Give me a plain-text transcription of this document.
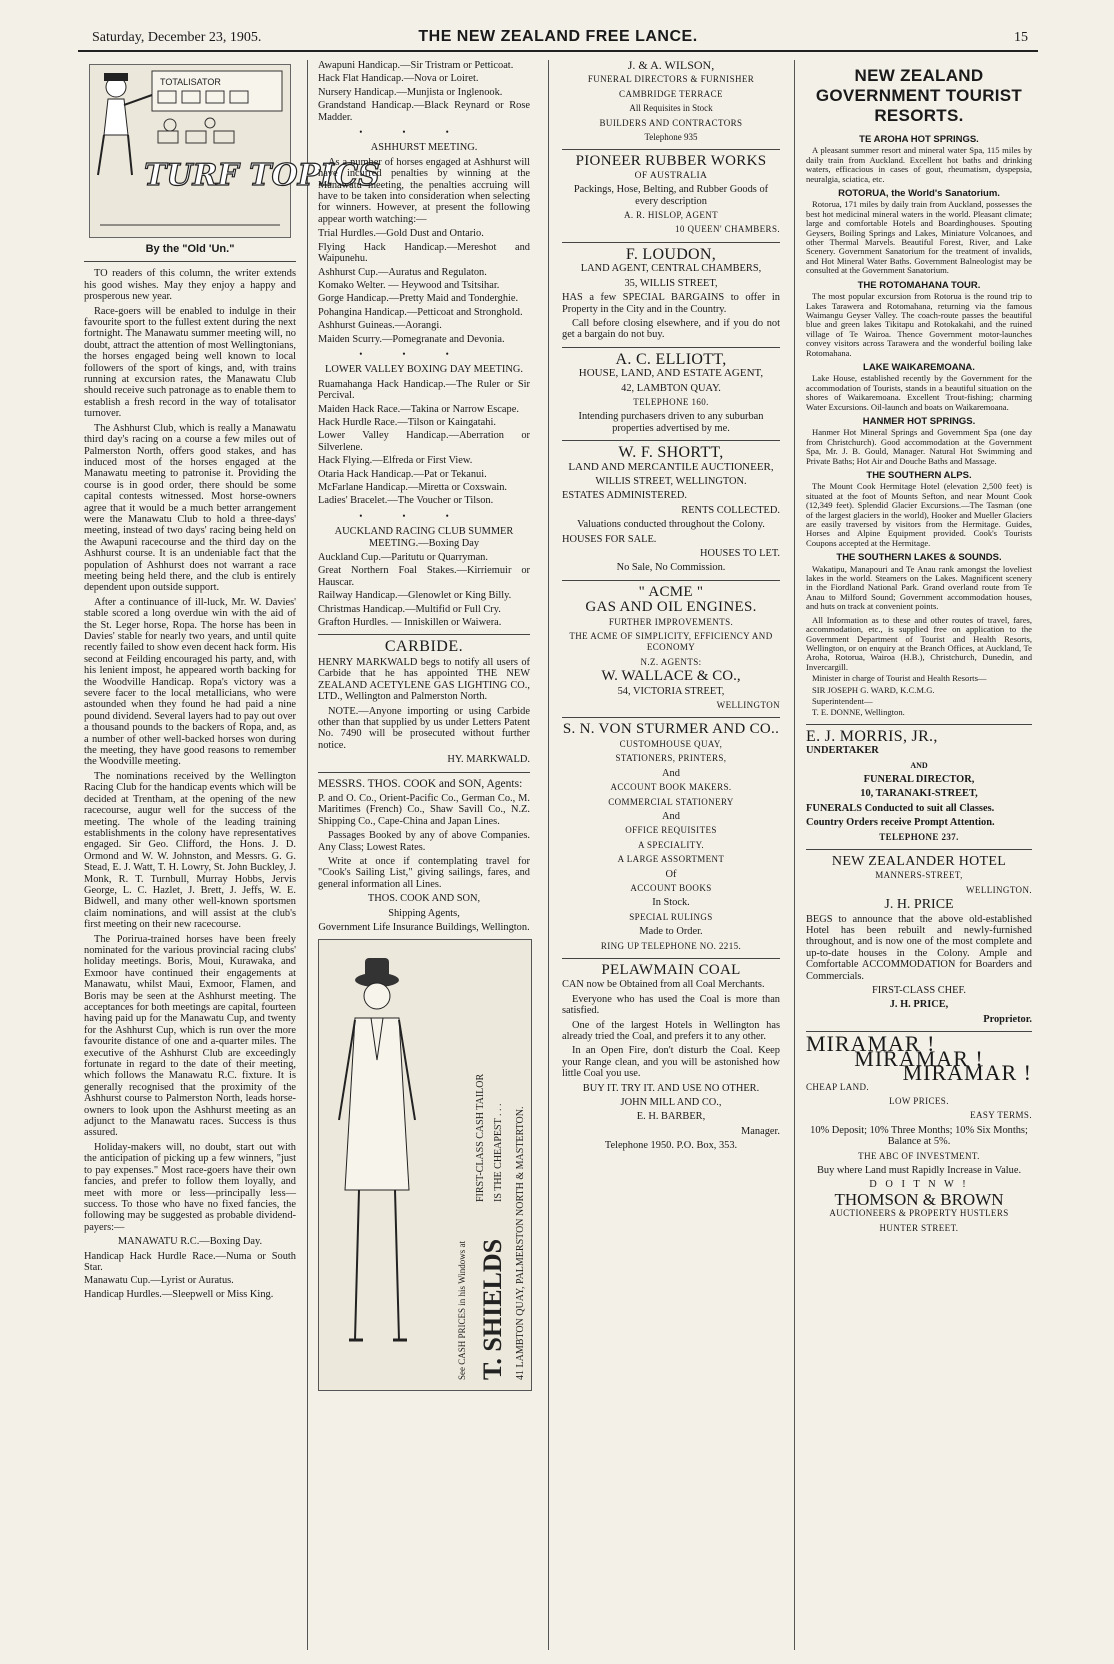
Saturday, December 23, 1905.	THE NEW ZEALAND FREE LANCE.	15
TOTALISATOR
TURF TOPICS
By the "Old 'Un."

TO readers of this column, the writer extends his good wishes. May they enjoy a happy and prosperous new year.

Race-goers will be enabled to indulge in their favourite sport to the fullest extent during the next fortnight. The Manawatu summer meeting will, no doubt, attract the attention of most Wellingtonians, the horses engaged being well known to local followers of the sport of kings, and, with trains running at excursion rates, the Manawatu Club should receive such patronage as to enable them to establish a fresh record in the way of totalisator turnover.

The Ashhurst Club, which is really a Manawatu third day's racing on a course a few miles out of Palmerston North, offers good stakes, and has induced most of the horses engaged at the Manawatu meeting to patronise it. Providing the course is in good order, there should be some capital contests witnessed. Most horse-owners agree that it would be a much better arrangement were the Manawatu Club to hold a three-days' meeting, instead of two days' racing being held on the Awapuni racecourse and the third day on the Ashhurst course. It is an undeniable fact that the population of Ashhurst does not warrant a race meeting being held there, and the club is entirely dependent upon outside support.

After a continuance of ill-luck, Mr. W. Davies' stable scored a long overdue win with the aid of the St. Leger horse, Ropa. The horse has been in Davies' stable for nearly two years, and until quite recently failed to show even decent hack form. His second at Feilding encouraged his party, and, with his lenient impost, he appeared worth backing for the Woodville Handicap. Ropa's victory was a severe facer to the local metallicians, who were astounded when they found he had paid a nine pound dividend. Several layers had to pay out over a thousand pounds to the backers of Ropa, and, as a number of other well-backed horses won during the meeting, they have good reasons to remember the Woodville meeting.

The nominations received by the Wellington Racing Club for the handicap events which will be decided at Trentham, at the opening of the new racecourse, augur well for the success of the meeting. The whole of the leading training establishments in the colony have representatives engaged. Sir Geo. Clifford, the Hons. J. D. Ormond and W. W. Johnston, and Messrs. G. G. Stead, E. J. Watt, T. H. Lowry, St. John Buckley, J. Monk, R. T. Turnbull, Murray Hobbs, Jervis George, L. C. Hazlet, J. Brett, J. Jeffs, W. E. Bidwell, and many other well-known sportsmen claim nominations, and will assist at the club's first meeting on their new racecourse.

The Porirua-trained horses have been freely nominated for the various provincial racing clubs' holiday meetings. Boris, Moui, Kurawaka, and Exmoor have continued their engagements at Manawatu, whilst Maui, Exmoor, Flamen, and Boris may be seen at the Ashhurst meeting. The acceptances for both meetings are capital, fourteen having paid up for the Manawatu Cup, and twenty for the Ashhurst Cup, which is run over the more favourite distance of one and a-quarter miles. The executive of the Ashhurst Club are exceedingly fortunate in regard to the date of their meeting, which follows the Manawatu R.C. fixture. It is generally recognised that the proximity of the Ashhurst course to Palmerston North, leads horse-owners to look upon the Ashhurst meeting as an adjunct to the Manawatu races. Success is thus assured.

Holiday-makers will, no doubt, start out with the anticipation of picking up a few winners, "just to pay expenses." Most race-goers have their own fancies, and prefer to follow them loyally, and meet with more or less—principally less—success. To those who have no fixed fancies, the following may be suggested as probable dividend-payers:—

MANAWATU R.C.—Boxing Day.

Handicap Hack Hurdle Race.—Numa or South Star.

Manawatu Cup.—Lyrist or Auratus.

Handicap Hurdles.—Sleepwell or Miss King.

Awapuni Handicap.—Sir Tristram or Petticoat.

Hack Flat Handicap.—Nova or Loiret.

Nursery Handicap.—Munjista or Inglenook.

Grandstand Handicap.—Black Reynard or Rose Madder.

•••

ASHHURST MEETING.

As a number of horses engaged at Ashhurst will have incurred penalties by winning at the Manawatu meeting, the penalties accruing will have to be taken into consideration when selecting for winners. However, at present the following appear worth watching:—

Trial Hurdles.—Gold Dust and Ontario.

Flying Hack Handicap.—Mereshot and Waipunehu.

Ashhurst Cup.—Auratus and Regulaton.

Komako Welter. — Heywood and Tsitsihar.

Gorge Handicap.—Pretty Maid and Tonderghie.

Pohangina Handicap.—Petticoat and Stronghold.

Ashhurst Guineas.—Aorangi.

Maiden Scurry.—Pomegranate and Devonia.

•••

LOWER VALLEY BOXING DAY MEETING.

Ruamahanga Hack Handicap.—The Ruler or Sir Percival.

Maiden Hack Race.—Takina or Narrow Escape.

Hack Hurdle Race.—Tilson or Kaingatahi.

Lower Valley Handicap.—Aberration or Silverlene.

Hack Flying.—Elfreda or First View.

Otaria Hack Handicap.—Pat or Tekanui.

McFarlane Handicap.—Miretta or Coxswain.

Ladies' Bracelet.—The Voucher or Tilson.

•••

AUCKLAND RACING CLUB SUMMER MEETING.—Boxing Day

Auckland Cup.—Paritutu or Quarryman.

Great Northern Foal Stakes.—Kirriemuir or Hauscar.

Railway Handicap.—Glenowlet or King Billy.

Christmas Handicap.—Multifid or Full Cry.

Grafton Hurdles. — Inniskillen or Waiwera.

CARBIDE.

HENRY MARKWALD begs to notify all users of Carbide that he has appointed THE NEW ZEALAND ACETYLENE GAS LIGHTING CO., LTD., Wellington and Palmerston North.

NOTE.—Anyone importing or using Carbide other than that supplied by us under Letters Patent No. 7490 will be prosecuted without further notice.

HY. MARKWALD.

MESSRS. THOS. COOK and SON, Agents:

P. and O. Co., Orient-Pacific Co., German Co., M. Maritimes (French) Co., Shaw Savill Co., N.Z. Shipping Co., Cape-China and Japan Lines.

Passages Booked by any of above Companies. Any Class; Lowest Rates.

Write at once if contemplating travel for "Cook's Sailing List," giving sailings, fares, and general information all Lines.

THOS. COOK AND SON,

Shipping Agents,

Government Life Insurance Buildings, Wellington.

T. SHIELDS
IS THE CHEAPEST . . .
FIRST-CLASS CASH TAILOR
See CASH PRICES in his Windows at	41 LAMBTON QUAY, PALMERSTON NORTH & MASTERTON.

J. & A. WILSON,

FUNERAL DIRECTORS & FURNISHER

CAMBRIDGE TERRACE

All Requisites in Stock

BUILDERS AND CONTRACTORS

Telephone 935

PIONEER RUBBER WORKS

OF AUSTRALIA

Packings, Hose, Belting, and Rubber Goods of every description

A. R. HISLOP, AGENT

10 QUEEN' CHAMBERS.

F. LOUDON,

LAND AGENT, CENTRAL CHAMBERS,

35, WILLIS STREET,

HAS a few SPECIAL BARGAINS to offer in Property in the City and in the Country.

Call before closing elsewhere, and if you do not get a bargain do not buy.

A. C. ELLIOTT,

HOUSE, LAND, AND ESTATE AGENT,

42, LAMBTON QUAY.

TELEPHONE 160.

Intending purchasers driven to any suburban properties advertised by me.

W. F. SHORTT,

LAND AND MERCANTILE AUCTIONEER,

WILLIS STREET, WELLINGTON.

ESTATES ADMINISTERED.

RENTS COLLECTED.

Valuations conducted throughout the Colony.

HOUSES FOR SALE.

HOUSES TO LET.

No Sale, No Commission.

" ACME "
GAS AND OIL ENGINES.

FURTHER IMPROVEMENTS.

THE ACME OF SIMPLICITY, EFFICIENCY AND ECONOMY

N.Z. AGENTS:

W. WALLACE & CO.,

54, VICTORIA STREET,

WELLINGTON

S. N. VON STURMER AND CO..

CUSTOMHOUSE QUAY,

STATIONERS, PRINTERS,

And

ACCOUNT BOOK MAKERS.

COMMERCIAL STATIONERY

And

OFFICE REQUISITES

A SPECIALITY.

A LARGE ASSORTMENT

Of

ACCOUNT BOOKS

In Stock.

SPECIAL RULINGS

Made to Order.

RING UP TELEPHONE NO. 2215.

PELAWMAIN COAL

CAN now be Obtained from all Coal Merchants.

Everyone who has used the Coal is more than satisfied.

One of the largest Hotels in Wellington has already tried the Coal, and prefers it to any other.

In an Open Fire, don't disturb the Coal. Keep your Range clean, and you will be astonished how little Coal you use.

BUY IT. TRY IT. AND USE NO OTHER.

JOHN MILL AND CO.,

E. H. BARBER,

Manager.

Telephone 1950. P.O. Box, 353.

NEW ZEALAND GOVERNMENT TOURIST RESORTS.
TE AROHA HOT SPRINGS.

A pleasant summer resort and mineral water Spa, 115 miles by daily train from Auckland. Excellent hot baths and drinking waters, efficacious in cases of gout, rheumatism, dyspepsia, neuralgia, sciatica, etc.

ROTORUA, the World's Sanatorium.

Rotorua, 171 miles by daily train from Auckland, possesses the best hot medicinal mineral waters in the world. Pleasant climate; large and comfortable Hotels and Boardinghouses. Spouting Geysers, Boiling Springs and Lakes, Miniature Volcanoes, and other Thermal Marvels. Beautiful Forest, River, and Lake Scenery. Government Sanatorium for the treatment of invalids, and Hot Mineral Water Baths. Government Balneologist may be consulted at the Government Sanatorium.

THE ROTOMAHANA TOUR.

The most popular excursion from Rotorua is the round trip to Lakes Tarawera and Rotomahana, returning via the famous Waimangu Geyser Valley. The coach-route passes the beautiful blue and green lakes Tikitapu and Rotokakahi, and the ruined village of Te Wairoa. Thence Government motor-launches convey visitors across Tarawera and the wonderful boiling lake Rotomahana.

LAKE WAIKAREMOANA.

Lake House, established recently by the Government for the accommodation of Tourists, stands in a beautiful situation on the shores of Waikaremoana. Excellent Trout-fishing; charming Water Excursions. Oil-launch and boats on Waikaremoana.

HANMER HOT SPRINGS.

Hanmer Hot Mineral Springs and Government Spa (one day from Christchurch). Good accommodation at the Government Spa, Mr. J. B. Gould, Manager. Natural Hot Swimming and Private Baths; Hot Air and Douche Baths and Massage.

THE SOUTHERN ALPS.

The Mount Cook Hermitage Hotel (elevation 2,500 feet) is situated at the foot of Mounts Sefton, and near Mount Cook (12,349 feet). Splendid Glacier Excursions.—The Tasman (one of the largest glaciers in the world), Hooker and Mueller Glaciers are easily traversed by visitors from the Hermitage. Guides, Horses and Alpine Equipment provided. Cook's Tourists Coupons accepted at the Hermitage.

THE SOUTHERN LAKES & SOUNDS.

Wakatipu, Manapouri and Te Anau rank amongst the loveliest lakes in the world. Steamers on the Lakes. Magnificent scenery in the Fiordland National Park. Grand overland route from Te Anau to Milford Sound; Government accommodation houses, and huts on track at convenient points.

All Information as to these and other routes of travel, fares, accommodation, etc., is supplied free on application to the Government Department of Tourist and Health Resorts, Wellington, or on enquiry at the Branch Offices, at Auckland, Te Aroha, Rotorua, Wairoa (H.B.), Christchurch, Dunedin, and Invercargill.

Minister in charge of Tourist and Health Resorts—

SIR JOSEPH G. WARD, K.C.M.G.

Superintendent—

T. E. DONNE, Wellington.

E. J. MORRIS, JR.,

UNDERTAKER

AND

FUNERAL DIRECTOR,

10, TARANAKI-STREET,

FUNERALS Conducted to suit all Classes.

Country Orders receive Prompt Attention.

TELEPHONE 237.

NEW ZEALANDER HOTEL

MANNERS-STREET,

WELLINGTON.

J. H. PRICE

BEGS to announce that the above old-established Hotel has been rebuilt and newly-furnished throughout, and is now one of the most complete and up-to-date houses in the Colony. Ample and Comfortable ACCOMMODATION for Boarders and Commercials.

FIRST-CLASS CHEF.

J. H. PRICE,

Proprietor.

MIRAMAR !
MIRAMAR !
MIRAMAR !

CHEAP LAND.

LOW PRICES.

EASY TERMS.

10% Deposit; 10% Three Months; 10% Six Months; Balance at 5%.

THE ABC OF INVESTMENT.

Buy where Land must Rapidly Increase in Value.

D O I T N W !

THOMSON & BROWN

AUCTIONEERS & PROPERTY HUSTLERS

HUNTER STREET.
